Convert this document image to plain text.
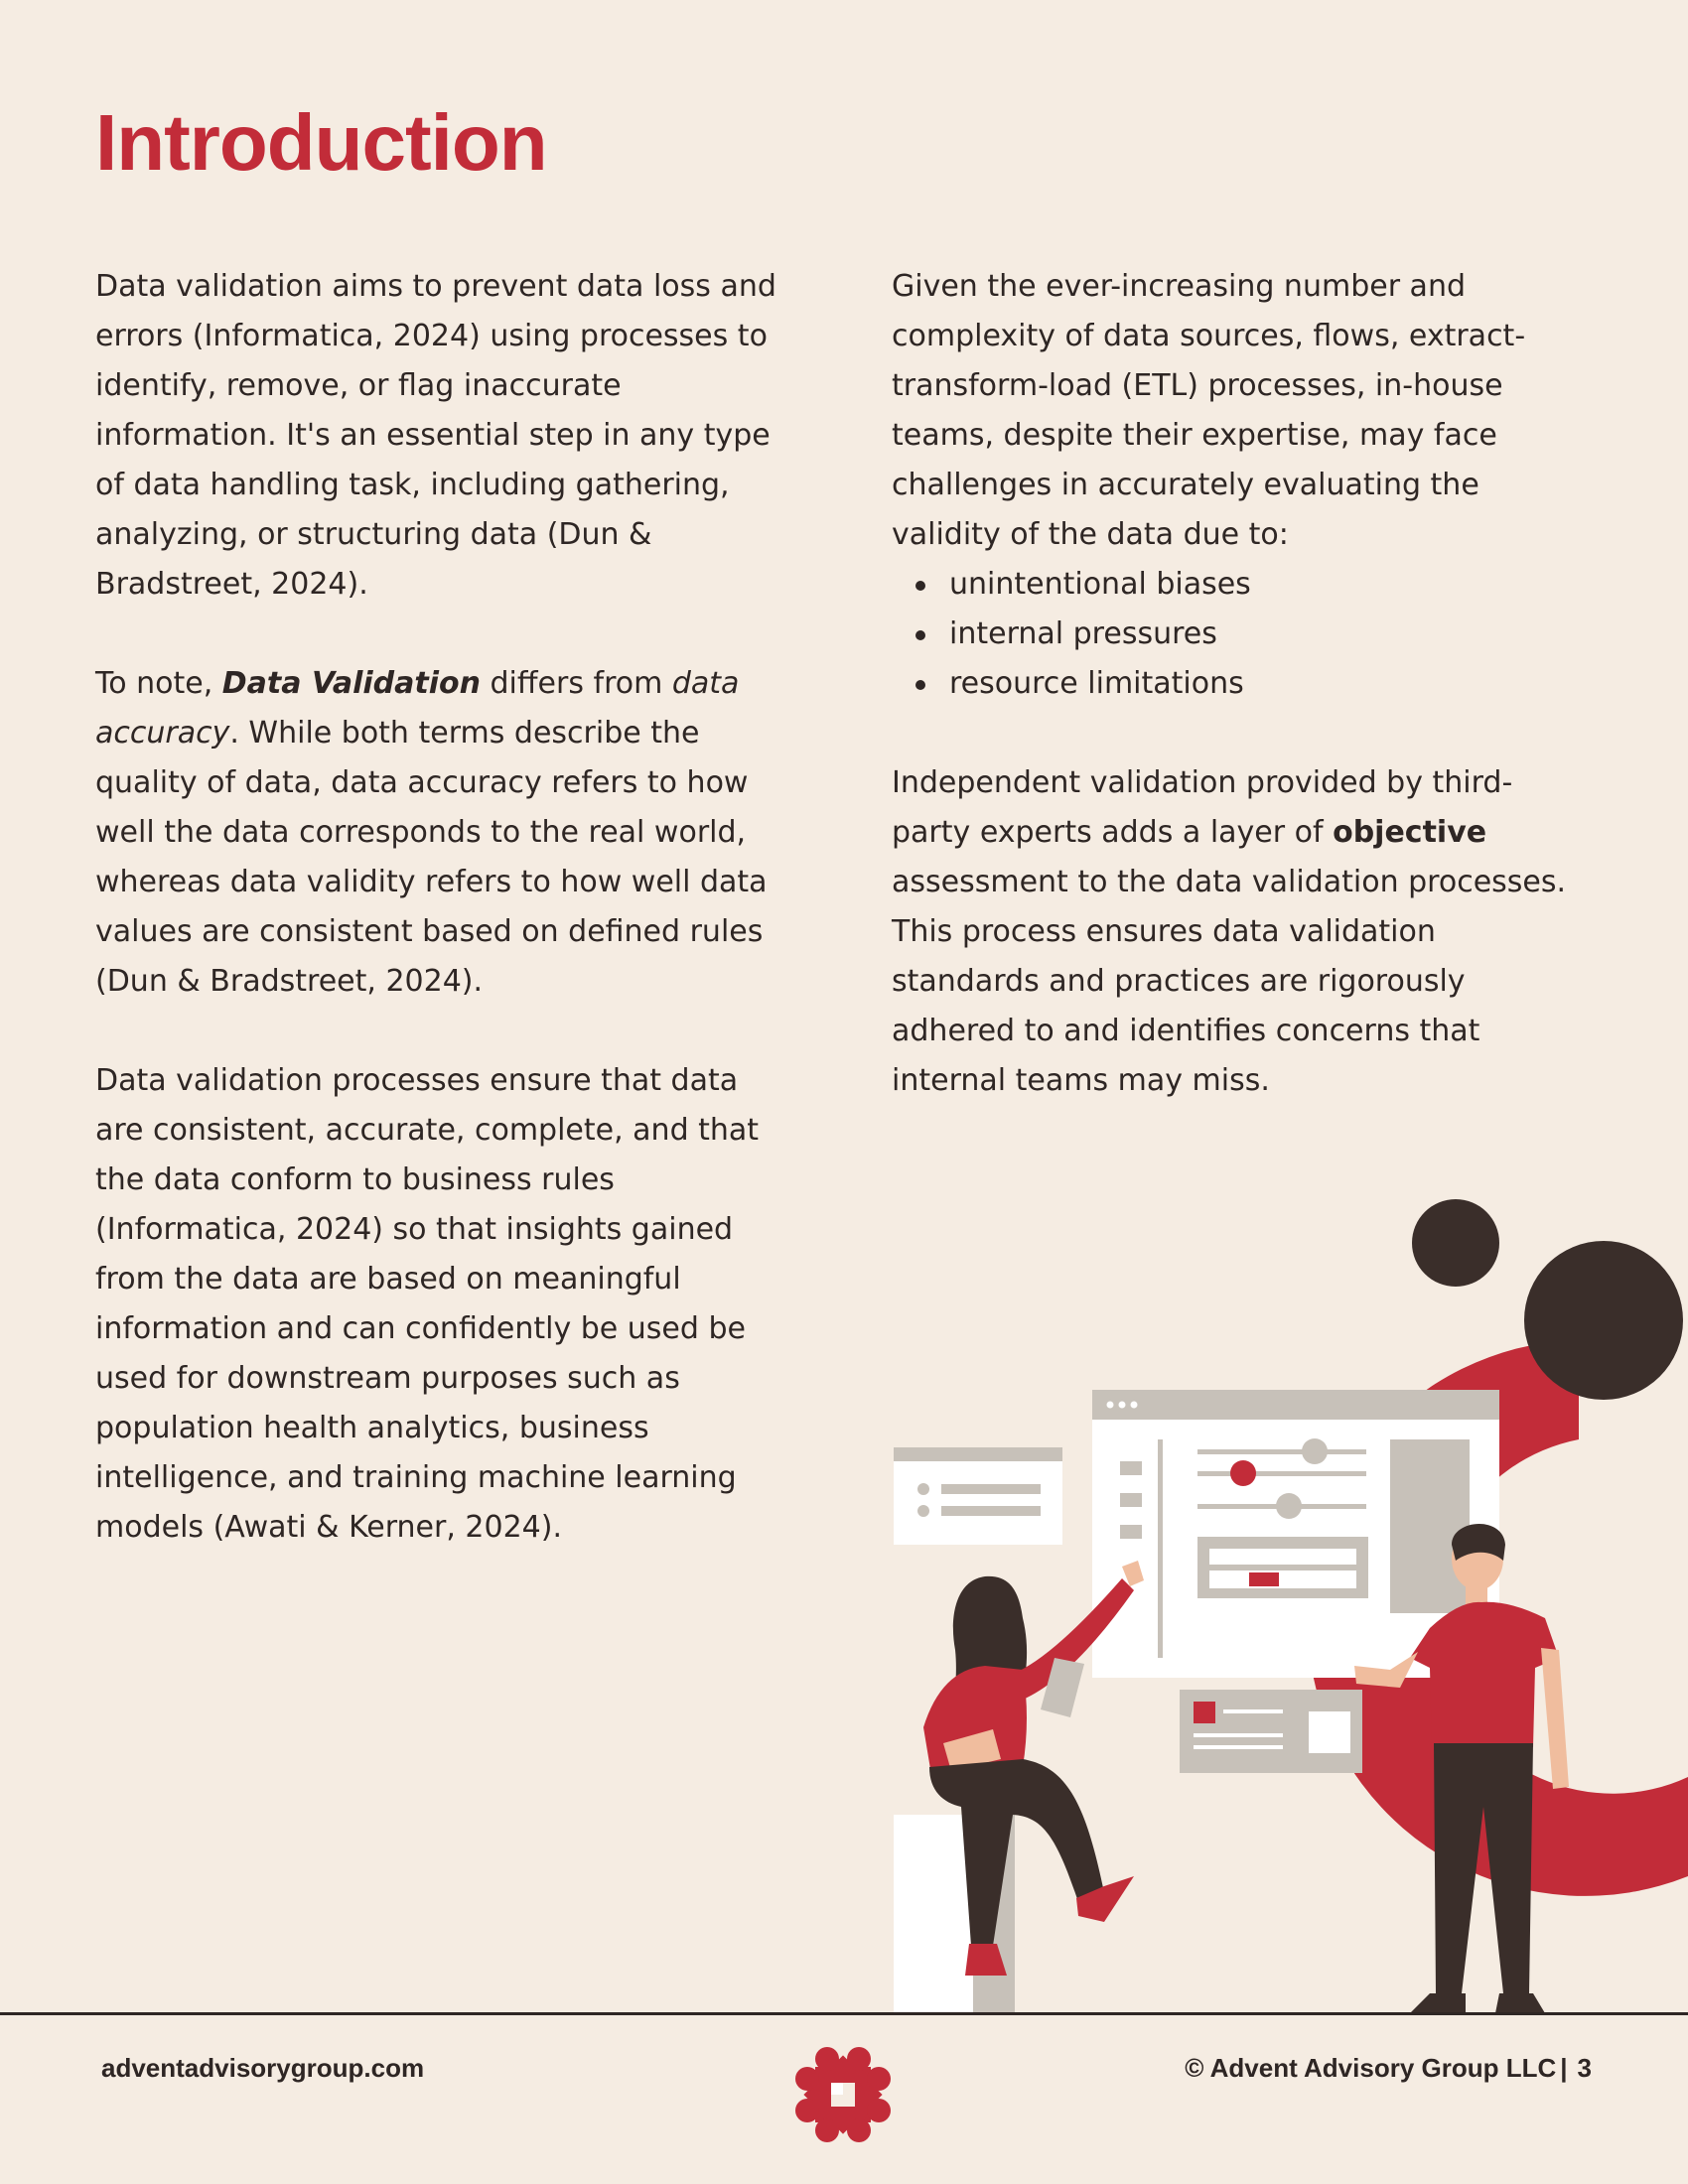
Introduction

Data validation aims to prevent data loss and errors (Informatica, 2024) using processes to identify, remove, or flag inaccurate information. It's an essential step in any type of data handling task, including gathering, analyzing, or structuring data (Dun & Bradstreet, 2024).

To note, Data Validation differs from data accuracy. While both terms describe the quality of data, data accuracy refers to how well the data corresponds to the real world, whereas data validity refers to how well data values are consistent based on defined rules (Dun & Bradstreet, 2024).

Data validation processes ensure that data are consistent, accurate, complete, and that the data conform to business rules (Informatica, 2024) so that insights gained from the data are based on meaningful information and can confidently be used be used for downstream purposes such as population health analytics, business intelligence, and training machine learning models (Awati & Kerner, 2024).

Given the ever-increasing number and complexity of data sources, flows, extract-transform-load (ETL) processes, in-house teams, despite their expertise, may face challenges in accurately evaluating the validity of the data due to:

unintentional biases
internal pressures
resource limitations

Independent validation provided by third-party experts adds a layer of objective assessment to the data validation processes. This process ensures data validation standards and practices are rigorously adhered to and identifies concerns that internal teams may miss.

adventadvisorygroup.com	© Advent Advisory Group LLC | 3
